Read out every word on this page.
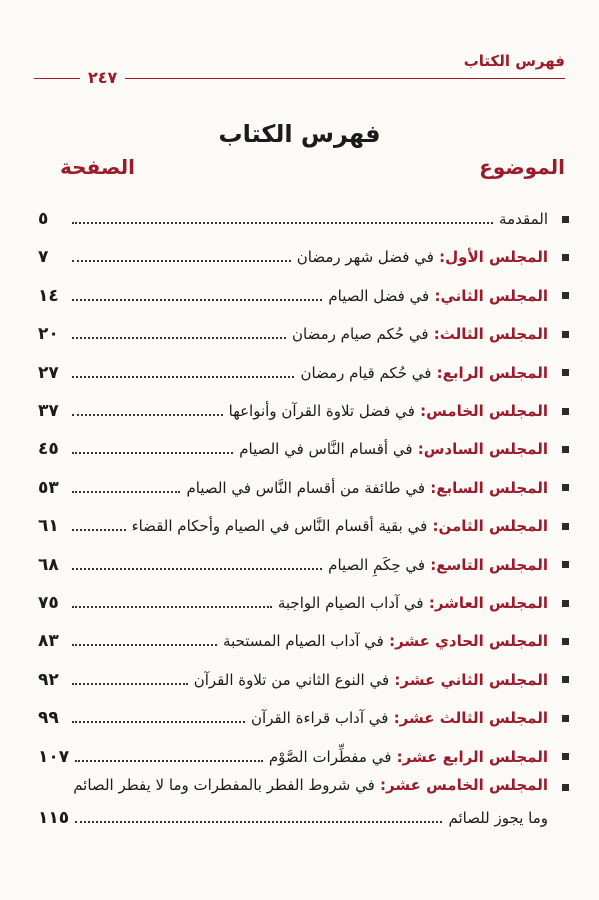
فهرس الكتاب
٢٤٧
فهرس الكتاب
الموضوع
الصفحة
المقدمة
٥
المجلس الأول: في فضل شهر رمضان
٧
المجلس الثاني: في فضل الصيام
١٤
المجلس الثالث: في حُكم صيام رمضان
٢٠
المجلس الرابع: في حُكم قيام رمضان
٢٧
المجلس الخامس: في فضل تلاوة القرآن وأنواعها
٣٧
المجلس السادس: في أقسام النَّاس في الصيام
٤٥
المجلس السابع: في طائفة من أقسام النَّاس في الصيام
٥٣
المجلس الثامن: في بقية أقسام النَّاس في الصيام وأحكام القضاء
٦١
المجلس التاسع: في حِكَمِ الصيام
٦٨
المجلس العاشر: في آداب الصيام الواجبة
٧٥
المجلس الحادي عشر: في آداب الصيام المستحبة
٨٣
المجلس الثاني عشر: في النوع الثاني من تلاوة القرآن
٩٢
المجلس الثالث عشر: في آداب قراءة القرآن
٩٩
المجلس الرابع عشر: في مفطِّرات الصَّوْم
١٠٧
المجلس الخامس عشر: في شروط الفطر بالمفطرات وما لا يفطر الصائم
وما يجوز للصائم
١١٥
